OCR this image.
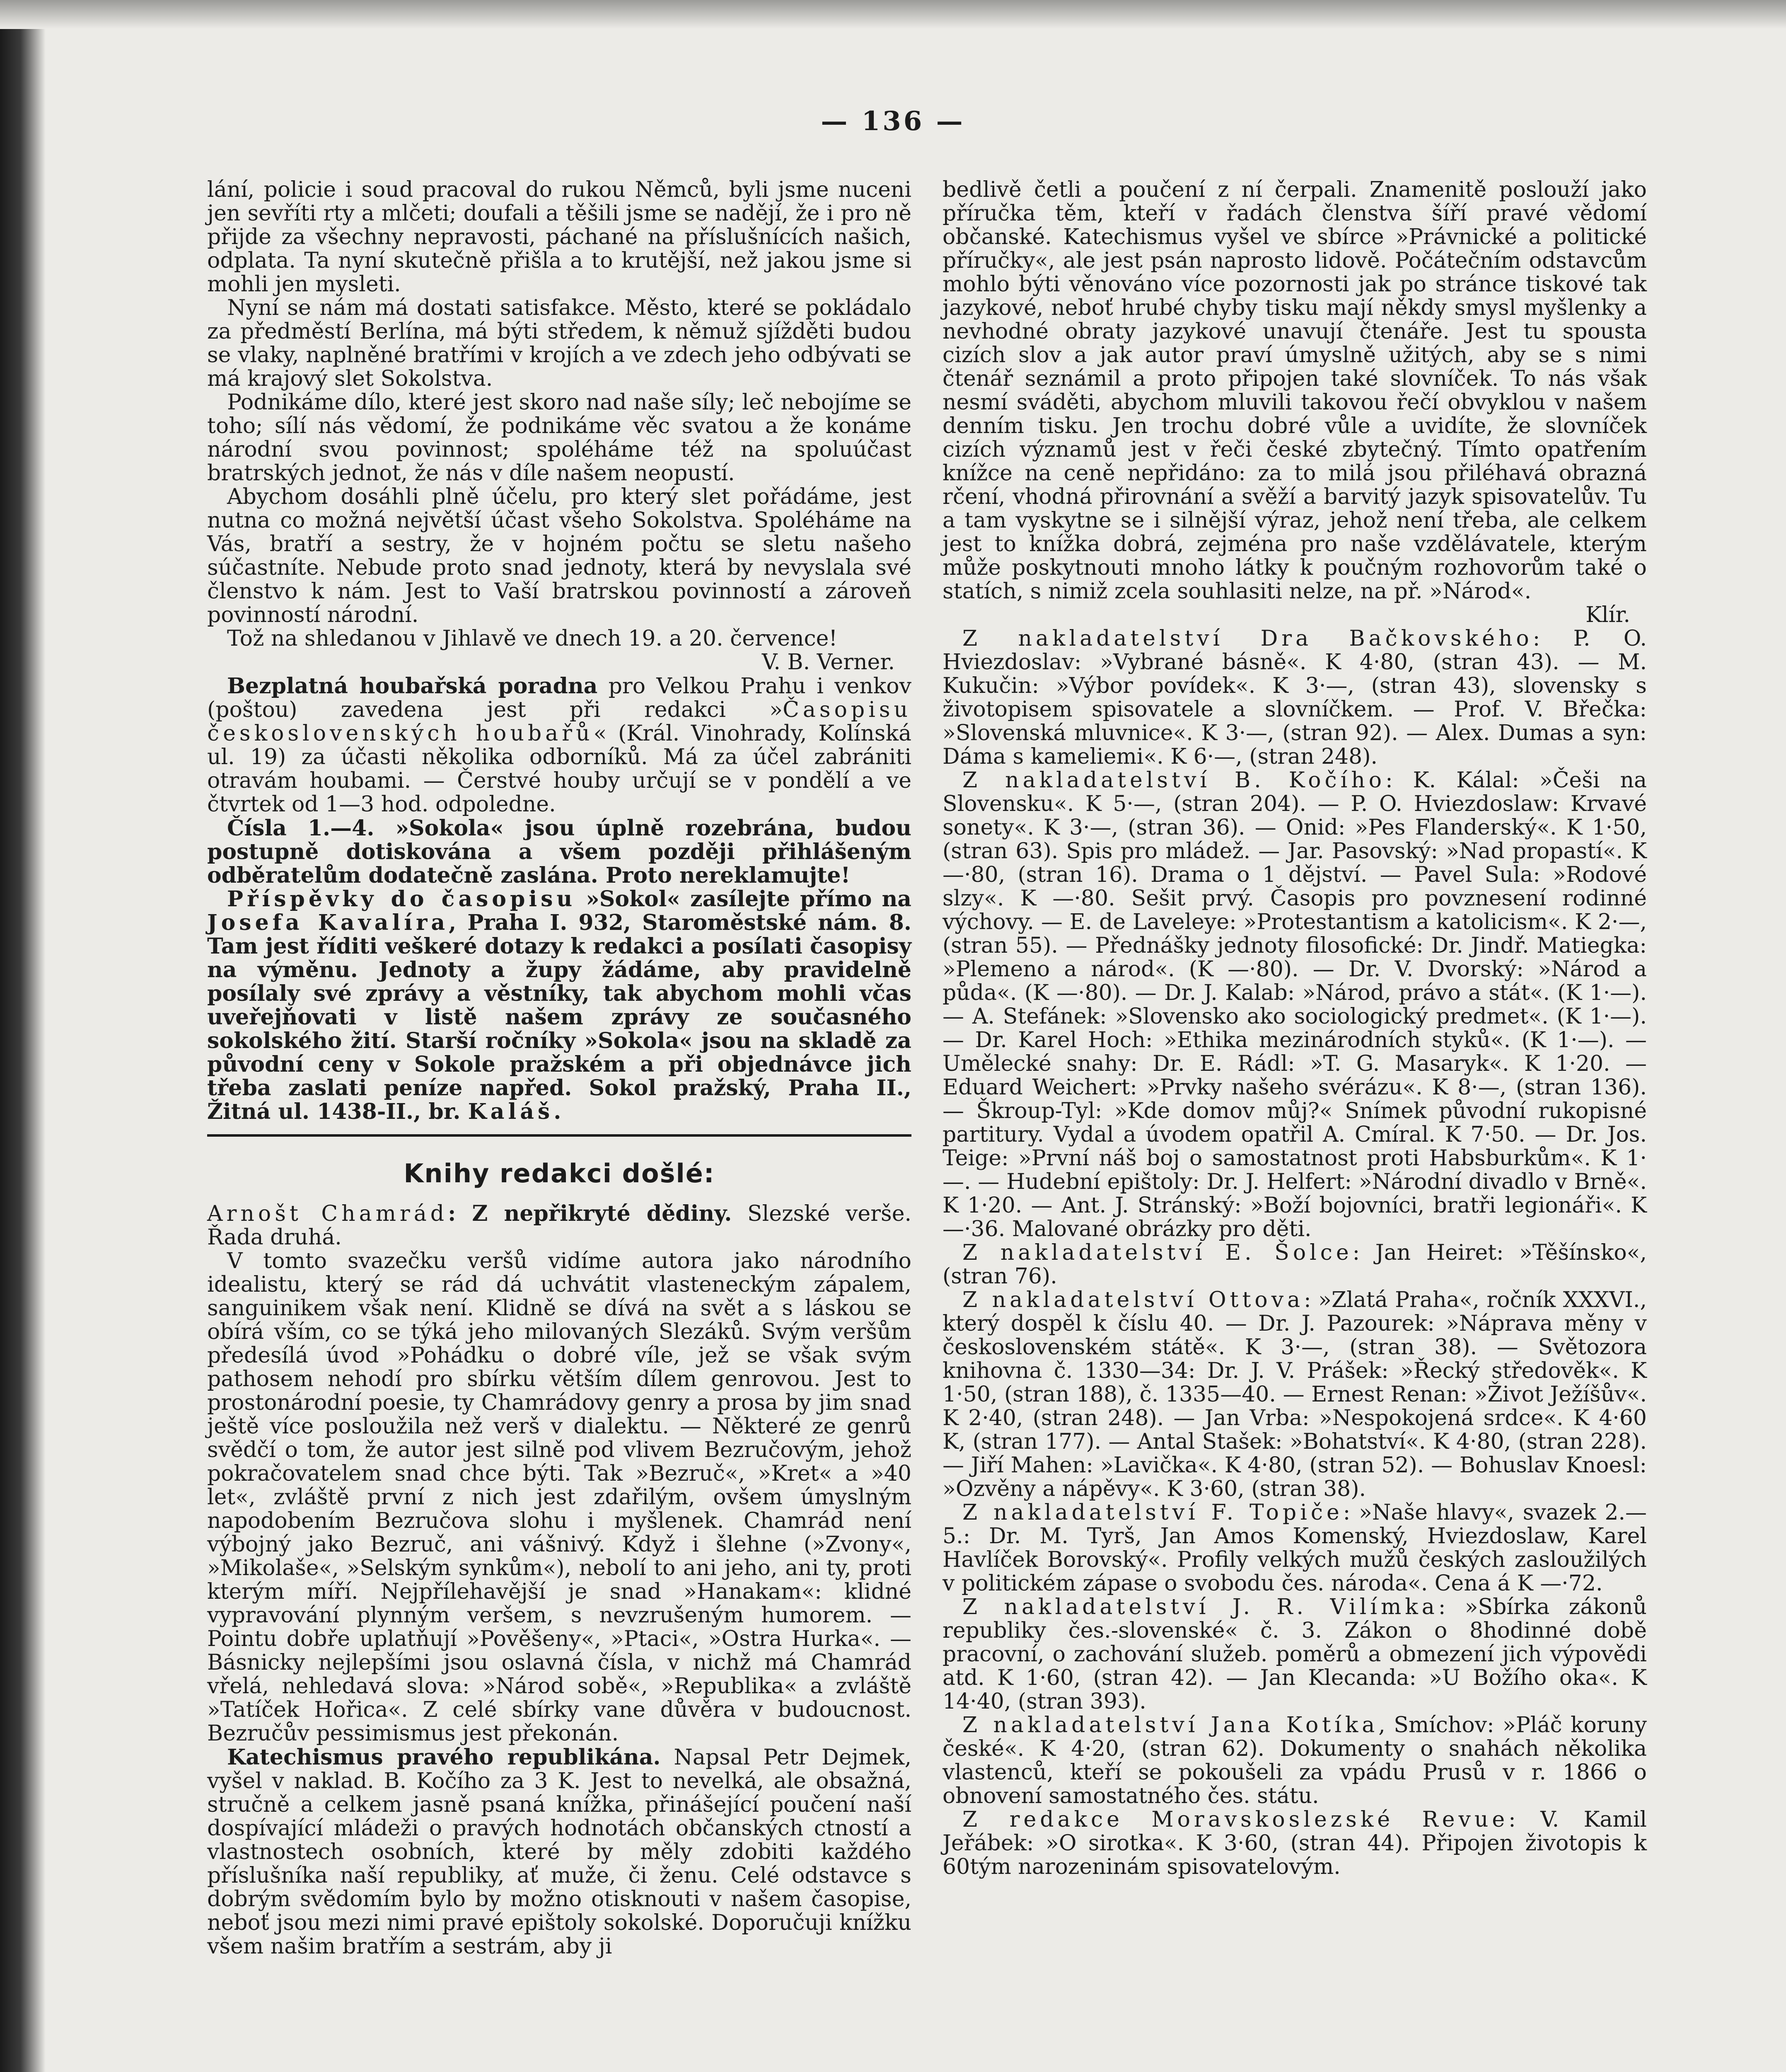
— 136 —

lání, policie i soud pracoval do rukou Němců, byli jsme nuceni jen sevříti rty a mlčeti; doufali a těšili jsme se nadějí, že i pro ně přijde za všechny nepravosti, páchané na příslušnících našich, odplata. Ta nyní skutečně přišla a to krutější, než jakou jsme si mohli jen mysleti.

Nyní se nám má dostati satisfakce. Město, které se pokládalo za předměstí Berlína, má býti středem, k němuž sjížděti budou se vlaky, naplněné bratřími v krojích a ve zdech jeho odbývati se má krajový slet Sokolstva.

Podnikáme dílo, které jest skoro nad naše síly; leč nebojíme se toho; sílí nás vědomí, že podnikáme věc svatou a že konáme národní svou povinnost; spoléháme též na spoluúčast bratrských jednot, že nás v díle našem neopustí.

Abychom dosáhli plně účelu, pro který slet pořádáme, jest nutna co možná největší účast všeho Sokolstva. Spoléháme na Vás, bratří a sestry, že v hojném počtu se sletu našeho súčastníte. Nebude proto snad jednoty, která by nevyslala své členstvo k nám. Jest to Vaší bratrskou povinností a zároveň povinností národní.

Tož na shledanou v Jihlavě ve dnech 19. a 20. července!

V. B. Verner.

Bezplatná houbařská poradna pro Velkou Prahu i venkov (poštou) zavedena jest při redakci »Časopisu československých houbařů« (Král. Vinohrady, Kolínská ul. 19) za účasti několika odborníků. Má za účel zabrániti otravám houbami. — Čerstvé houby určují se v pondělí a ve čtvrtek od 1—3 hod. odpoledne.

Čísla 1.—4. »Sokola« jsou úplně rozebrána, budou postupně dotiskována a všem později přihlášeným odběratelům dodatečně zaslána. Proto nereklamujte!

Příspěvky do časopisu »Sokol« zasílejte přímo na Josefa Kavalíra, Praha I. 932, Staroměstské nám. 8. Tam jest říditi veškeré dotazy k redakci a posílati časopisy na výměnu. Jednoty a župy žádáme, aby pravidelně posílaly své zprávy a věstníky, tak abychom mohli včas uveřejňovati v listě našem zprávy ze současného sokolského žití. Starší ročníky »Sokola« jsou na skladě za původní ceny v Sokole pražském a při objednávce jich třeba zaslati peníze napřed. Sokol pražský, Praha II., Žitná ul. 1438-II., br. Kaláš.

Knihy redakci došlé:

Arnošt Chamrád: Z nepřikryté dědiny. Slezské verše. Řada druhá.

V tomto svazečku veršů vidíme autora jako národního idealistu, který se rád dá uchvátit vlasteneckým zápalem, sanguinikem však není. Klidně se dívá na svět a s láskou se obírá vším, co se týká jeho milovaných Slezáků. Svým veršům předesílá úvod »Pohádku o dobré víle, jež se však svým pathosem nehodí pro sbírku větším dílem genrovou. Jest to prostonárodní poesie, ty Chamrádovy genry a prosa by jim snad ještě více posloužila než verš v dialektu. — Některé ze genrů svědčí o tom, že autor jest silně pod vlivem Bezručovým, jehož pokračovatelem snad chce býti. Tak »Bezruč«, »Kret« a »40 let«, zvláště první z nich jest zdařilým, ovšem úmyslným napodobením Bezručova slohu i myšlenek. Chamrád není výbojný jako Bezruč, ani vášnivý. Když i šlehne (»Zvony«, »Mikolaše«, »Selským synkům«), nebolí to ani jeho, ani ty, proti kterým míří. Nejpřílehavější je snad »Hanakam«: klidné vypravování plynným veršem, s nevzrušeným humorem. — Pointu dobře uplatňují »Pověšeny«, »Ptaci«, »Ostra Hurka«. — Básnicky nejlepšími jsou oslavná čísla, v nichž má Chamrád vřelá, nehledavá slova: »Národ sobě«, »Republika« a zvláště »Tatíček Hořica«. Z celé sbírky vane důvěra v budoucnost. Bezručův pessimismus jest překonán.

Katechismus pravého republikána. Napsal Petr Dejmek, vyšel v naklad. B. Kočího za 3 K. Jest to nevelká, ale obsažná, stručně a celkem jasně psaná knížka, přinášející poučení naší dospívající mládeži o pravých hodnotách občanských ctností a vlastnostech osobních, které by měly zdobiti každého příslušníka naší republiky, ať muže, či ženu. Celé odstavce s dobrým svědomím bylo by možno otisknouti v našem časopise, neboť jsou mezi nimi pravé epištoly sokolské. Doporučuji knížku všem našim bratřím a sestrám, aby ji

bedlivě četli a poučení z ní čerpali. Znamenitě poslouží jako příručka těm, kteří v řadách členstva šíří pravé vědomí občanské. Katechismus vyšel ve sbírce »Právnické a politické příručky«, ale jest psán naprosto lidově. Počátečním odstavcům mohlo býti věnováno více pozornosti jak po stránce tiskové tak jazykové, neboť hrubé chyby tisku mají někdy smysl myšlenky a nevhodné obraty jazykové unavují čtenáře. Jest tu spousta cizích slov a jak autor praví úmyslně užitých, aby se s nimi čtenář seznámil a proto připojen také slovníček. To nás však nesmí sváděti, abychom mluvili takovou řečí obvyklou v našem denním tisku. Jen trochu dobré vůle a uvidíte, že slovníček cizích významů jest v řeči české zbytečný. Tímto opatřením knížce na ceně nepřidáno: za to milá jsou přiléhavá obrazná rčení, vhodná přirovnání a svěží a barvitý jazyk spisovatelův. Tu a tam vyskytne se i silnější výraz, jehož není třeba, ale celkem jest to knížka dobrá, zejména pro naše vzdělávatele, kterým může poskytnouti mnoho látky k poučným rozhovorům také o statích, s nimiž zcela souhlasiti nelze, na př. »Národ«.

Klír.

Z nakladatelství Dra Bačkovského: P. O. Hviezdoslav: »Vybrané básně«. K 4·80, (stran 43). — M. Kukučin: »Výbor povídek«. K 3·—, (stran 43), slovensky s životopisem spisovatele a slovníčkem. — Prof. V. Břečka: »Slovenská mluvnice«. K 3·—, (stran 92). — Alex. Dumas a syn: Dáma s kameliemi«. K 6·—, (stran 248).

Z nakladatelství B. Kočího: K. Kálal: »Češi na Slovensku«. K 5·—, (stran 204). — P. O. Hviezdoslaw: Krvavé sonety«. K 3·—, (stran 36). — Onid: »Pes Flanderský«. K 1·50, (stran 63). Spis pro mládež. — Jar. Pasovský: »Nad propastí«. K —·80, (stran 16). Drama o 1 dějství. — Pavel Sula: »Rodové slzy«. K —·80. Sešit prvý. Časopis pro povznesení rodinné výchovy. — E. de Laveleye: »Protestantism a katolicism«. K 2·—, (stran 55). — Přednášky jednoty filosofické: Dr. Jindř. Matiegka: »Plemeno a národ«. (K —·80). — Dr. V. Dvorský: »Národ a půda«. (K —·80). — Dr. J. Kalab: »Národ, právo a stát«. (K 1·—). — A. Stefánek: »Slovensko ako sociologický predmet«. (K 1·—). — Dr. Karel Hoch: »Ethika mezinárodních styků«. (K 1·—). — Umělecké snahy: Dr. E. Rádl: »T. G. Masaryk«. K 1·20. — Eduard Weichert: »Prvky našeho svérázu«. K 8·—, (stran 136). — Škroup-Tyl: »Kde domov můj?« Snímek původní rukopisné partitury. Vydal a úvodem opatřil A. Cmíral. K 7·50. — Dr. Jos. Teige: »První náš boj o samostatnost proti Habsburkům«. K 1·—. — Hudební epištoly: Dr. J. Helfert: »Národní divadlo v Brně«. K 1·20. — Ant. J. Stránský: »Boží bojovníci, bratři legionáři«. K —·36. Malované obrázky pro děti.

Z nakladatelství E. Šolce: Jan Heiret: »Těšínsko«, (stran 76).

Z nakladatelství Ottova: »Zlatá Praha«, ročník XXXVI., který dospěl k číslu 40. — Dr. J. Pazourek: »Náprava měny v československém státě«. K 3·—, (stran 38). — Světozora knihovna č. 1330—34: Dr. J. V. Prášek: »Řecký středověk«. K 1·50, (stran 188), č. 1335—40. — Ernest Renan: »Život Ježíšův«. K 2·40, (stran 248). — Jan Vrba: »Nespokojená srdce«. K 4·60 K, (stran 177). — Antal Stašek: »Bohatství«. K 4·80, (stran 228). — Jiří Mahen: »Lavička«. K 4·80, (stran 52). — Bohuslav Knoesl: »Ozvěny a nápěvy«. K 3·60, (stran 38).

Z nakladatelství F. Topiče: »Naše hlavy«, svazek 2.—5.: Dr. M. Tyrš, Jan Amos Komenský, Hviezdoslaw, Karel Havlíček Borovský«. Profily velkých mužů českých zasloužilých v politickém zápase o svobodu čes. národa«. Cena á K —·72.

Z nakladatelství J. R. Vilímka: »Sbírka zákonů republiky čes.-slovenské« č. 3. Zákon o 8hodinné době pracovní, o zachování služeb. poměrů a obmezení jich výpovědi atd. K 1·60, (stran 42). — Jan Klecanda: »U Božího oka«. K 14·40, (stran 393).

Z nakladatelství Jana Kotíka, Smíchov: »Pláč koruny české«. K 4·20, (stran 62). Dokumenty o snahách několika vlastenců, kteří se pokoušeli za vpádu Prusů v r. 1866 o obnovení samostatného čes. státu.

Z redakce Moravskoslezské Revue: V. Kamil Jeřábek: »O sirotka«. K 3·60, (stran 44). Připojen životopis k 60tým narozeninám spisovatelovým.
